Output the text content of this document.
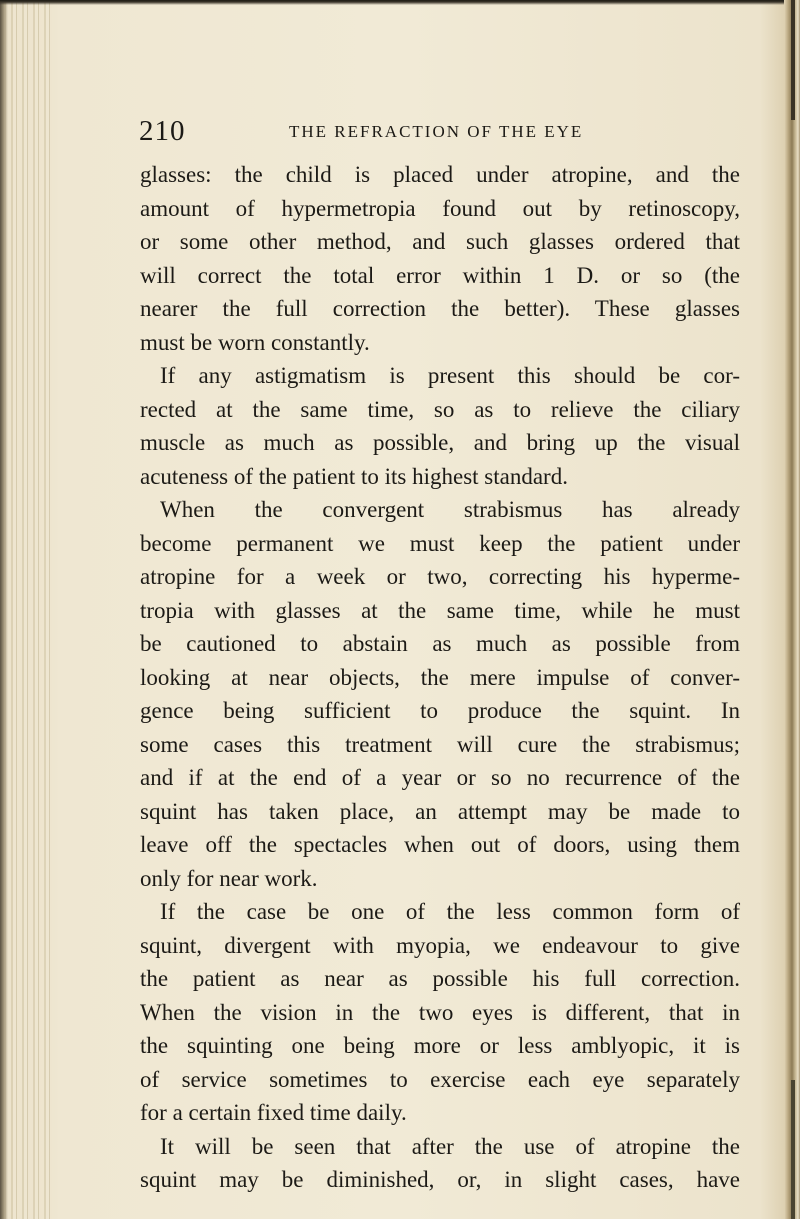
210	THE REFRACTION OF THE EYE
glasses: the child is placed under atropine, and the
amount of hypermetropia found out by retinoscopy,
or some other method, and such glasses ordered that
will correct the total error within 1 D. or so (the
nearer the full correction the better). These glasses
must be worn constantly.
If any astigmatism is present this should be cor-
rected at the same time, so as to relieve the ciliary
muscle as much as possible, and bring up the visual
acuteness of the patient to its highest standard.
When the convergent strabismus has already
become permanent we must keep the patient under
atropine for a week or two, correcting his hyperme-
tropia with glasses at the same time, while he must
be cautioned to abstain as much as possible from
looking at near objects, the mere impulse of conver-
gence being sufficient to produce the squint. In
some cases this treatment will cure the strabismus;
and if at the end of a year or so no recurrence of the
squint has taken place, an attempt may be made to
leave off the spectacles when out of doors, using them
only for near work.
If the case be one of the less common form of
squint, divergent with myopia, we endeavour to give
the patient as near as possible his full correction.
When the vision in the two eyes is different, that in
the squinting one being more or less amblyopic, it is
of service sometimes to exercise each eye separately
for a certain fixed time daily.
It will be seen that after the use of atropine the
squint may be diminished, or, in slight cases, have
